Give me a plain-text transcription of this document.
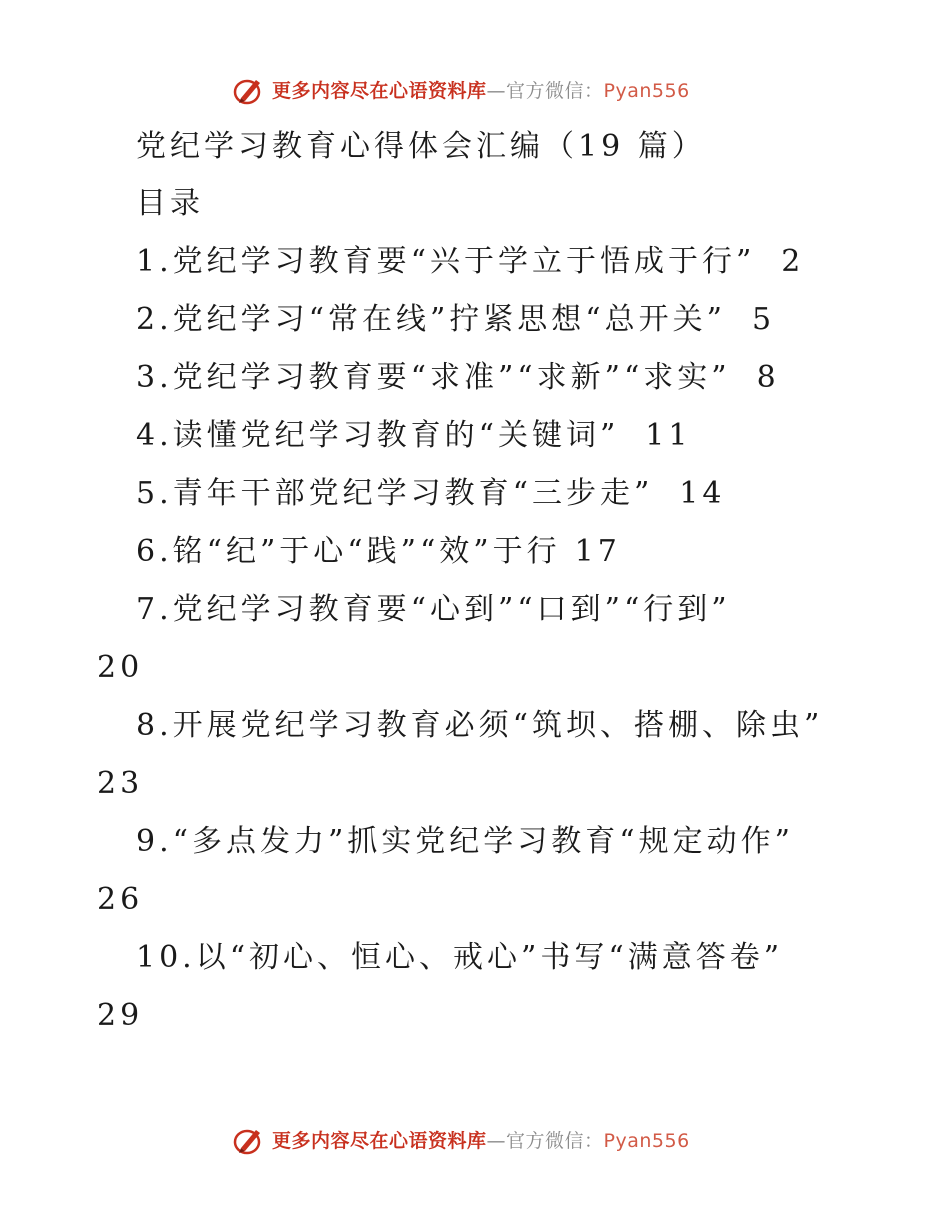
更多内容尽在心语资料库—官方微信：Pyan556
党纪学习教育心得体会汇编（19 篇）
目录
1.党纪学习教育要“兴于学立于悟成于行” 2
2.党纪学习“常在线”拧紧思想“总开关” 5
3.党纪学习教育要“求准”“求新”“求实” 8
4.读懂党纪学习教育的“关键词” 11
5.青年干部党纪学习教育“三步走” 14
6.铭“纪”于心“践”“效”于行 17
7.党纪学习教育要“心到”“口到”“行到”
20
8.开展党纪学习教育必须“筑坝、搭棚、除虫”
23
9.“多点发力”抓实党纪学习教育“规定动作”
26
10.以“初心、恒心、戒心”书写“满意答卷”
29
更多内容尽在心语资料库—官方微信：Pyan556
